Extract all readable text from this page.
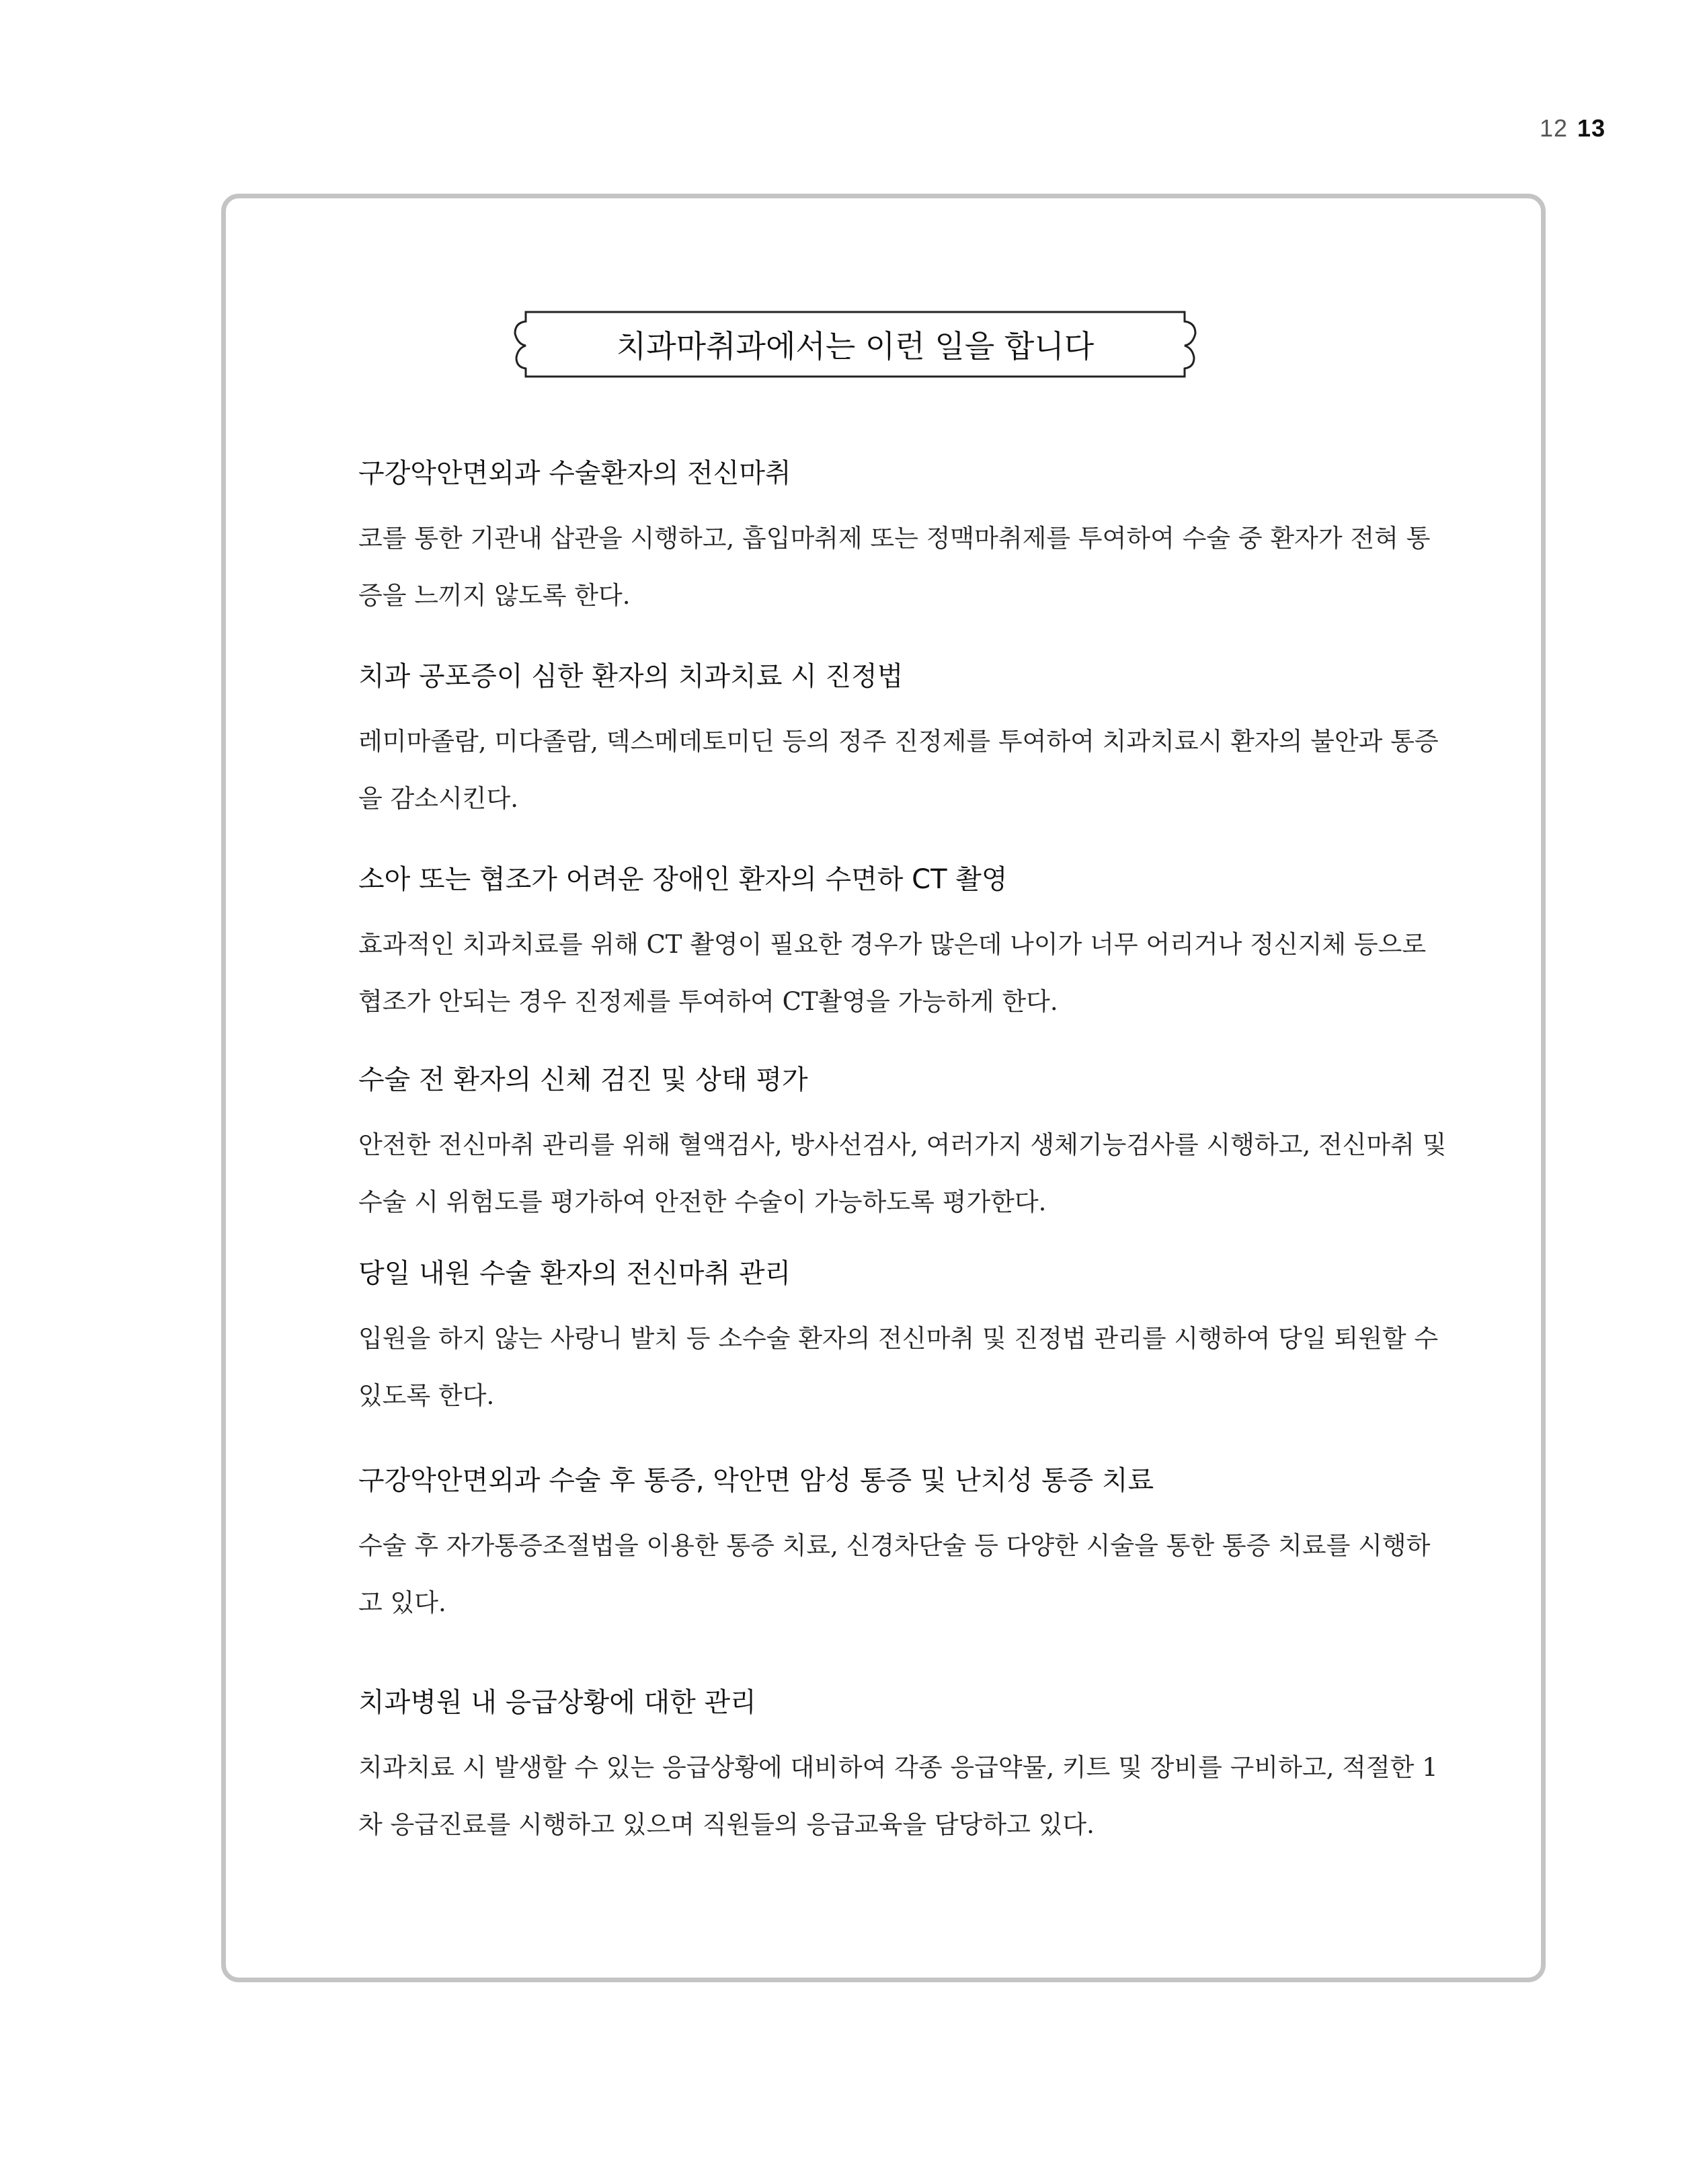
12 13
치과마취과에서는 이런 일을 합니다
구강악안면외과 수술환자의 전신마취

코를 통한 기관내 삽관을 시행하고, 흡입마취제 또는 정맥마취제를 투여하여 수술 중 환자가 전혀 통증을 느끼지 않도록 한다.

치과 공포증이 심한 환자의 치과치료 시 진정법

레미마졸람, 미다졸람, 덱스메데토미딘 등의 정주 진정제를 투여하여 치과치료시 환자의 불안과 통증을 감소시킨다.

소아 또는 협조가 어려운 장애인 환자의 수면하 CT 촬영

효과적인 치과치료를 위해 CT 촬영이 필요한 경우가 많은데 나이가 너무 어리거나 정신지체 등으로 협조가 안되는 경우 진정제를 투여하여 CT촬영을 가능하게 한다.

수술 전 환자의 신체 검진 및 상태 평가

안전한 전신마취 관리를 위해 혈액검사, 방사선검사, 여러가지 생체기능검사를 시행하고, 전신마취 및 수술 시 위험도를 평가하여 안전한 수술이 가능하도록 평가한다.

당일 내원 수술 환자의 전신마취 관리

입원을 하지 않는 사랑니 발치 등 소수술 환자의 전신마취 및 진정법 관리를 시행하여 당일 퇴원할 수 있도록 한다.

구강악안면외과 수술 후 통증, 악안면 암성 통증 및 난치성 통증 치료

수술 후 자가통증조절법을 이용한 통증 치료, 신경차단술 등 다양한 시술을 통한 통증 치료를 시행하고 있다.

치과병원 내 응급상황에 대한 관리

치과치료 시 발생할 수 있는 응급상황에 대비하여 각종 응급약물, 키트 및 장비를 구비하고, 적절한 1차 응급진료를 시행하고 있으며 직원들의 응급교육을 담당하고 있다.
